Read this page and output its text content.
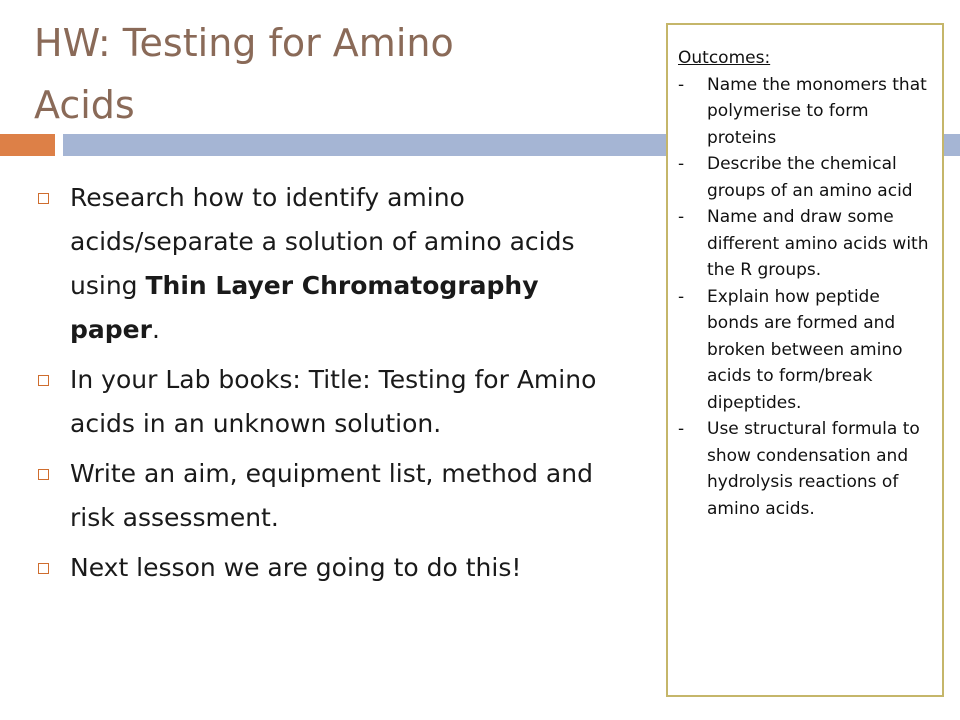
HW: Testing for Amino Acids
Research how to identify amino acids/separate a solution of amino acids using Thin Layer Chromatography paper.
In your Lab books: Title: Testing for Amino acids in an unknown solution.
Write an aim, equipment list, method and risk assessment.
Next lesson we are going to do this!

Outcomes:

- Name the monomers that polymerise to form proteins
- Describe the chemical groups of an amino acid
- Name and draw some different amino acids with the R groups.
- Explain how peptide bonds are formed and broken between amino acids to form/break dipeptides.
- Use structural formula to show condensation and hydrolysis reactions of amino acids.
